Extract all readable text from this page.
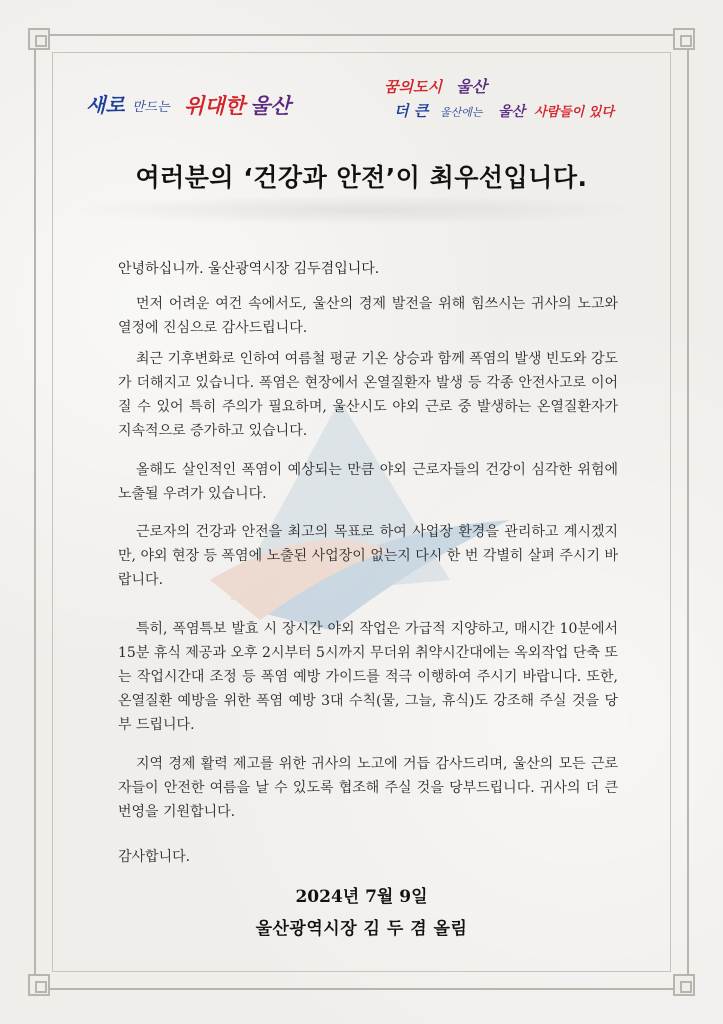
새로 만드는 위대한 울산
꿈의도시 울산
더 큰 울산에는 울산 사람들이 있다
여러분의 ‘건강과 안전’이 최우선입니다.
안녕하십니까. 울산광역시장 김두겸입니다.
먼저 어려운 여건 속에서도, 울산의 경제 발전을 위해 힘쓰시는 귀사의 노고와 열정에 진심으로 감사드립니다.
최근 기후변화로 인하여 여름철 평균 기온 상승과 함께 폭염의 발생 빈도와 강도가 더해지고 있습니다. 폭염은 현장에서 온열질환자 발생 등 각종 안전사고로 이어질 수 있어 특히 주의가 필요하며, 울산시도 야외 근로 중 발생하는 온열질환자가 지속적으로 증가하고 있습니다.
올해도 살인적인 폭염이 예상되는 만큼 야외 근로자들의 건강이 심각한 위험에 노출될 우려가 있습니다.
근로자의 건강과 안전을 최고의 목표로 하여 사업장 환경을 관리하고 계시겠지만, 야외 현장 등 폭염에 노출된 사업장이 없는지 다시 한 번 각별히 살펴 주시기 바랍니다.
특히, 폭염특보 발효 시 장시간 야외 작업은 가급적 지양하고, 매시간 10분에서 15분 휴식 제공과 오후 2시부터 5시까지 무더위 취약시간대에는 옥외작업 단축 또는 작업시간대 조정 등 폭염 예방 가이드를 적극 이행하여 주시기 바랍니다. 또한, 온열질환 예방을 위한 폭염 예방 3대 수칙(물, 그늘, 휴식)도 강조해 주실 것을 당부 드립니다.
지역 경제 활력 제고를 위한 귀사의 노고에 거듭 감사드리며, 울산의 모든 근로자들이 안전한 여름을 날 수 있도록 협조해 주실 것을 당부드립니다. 귀사의 더 큰 번영을 기원합니다.
감사합니다.
2024년 7월 9일
울산광역시장 김 두 겸 올림
